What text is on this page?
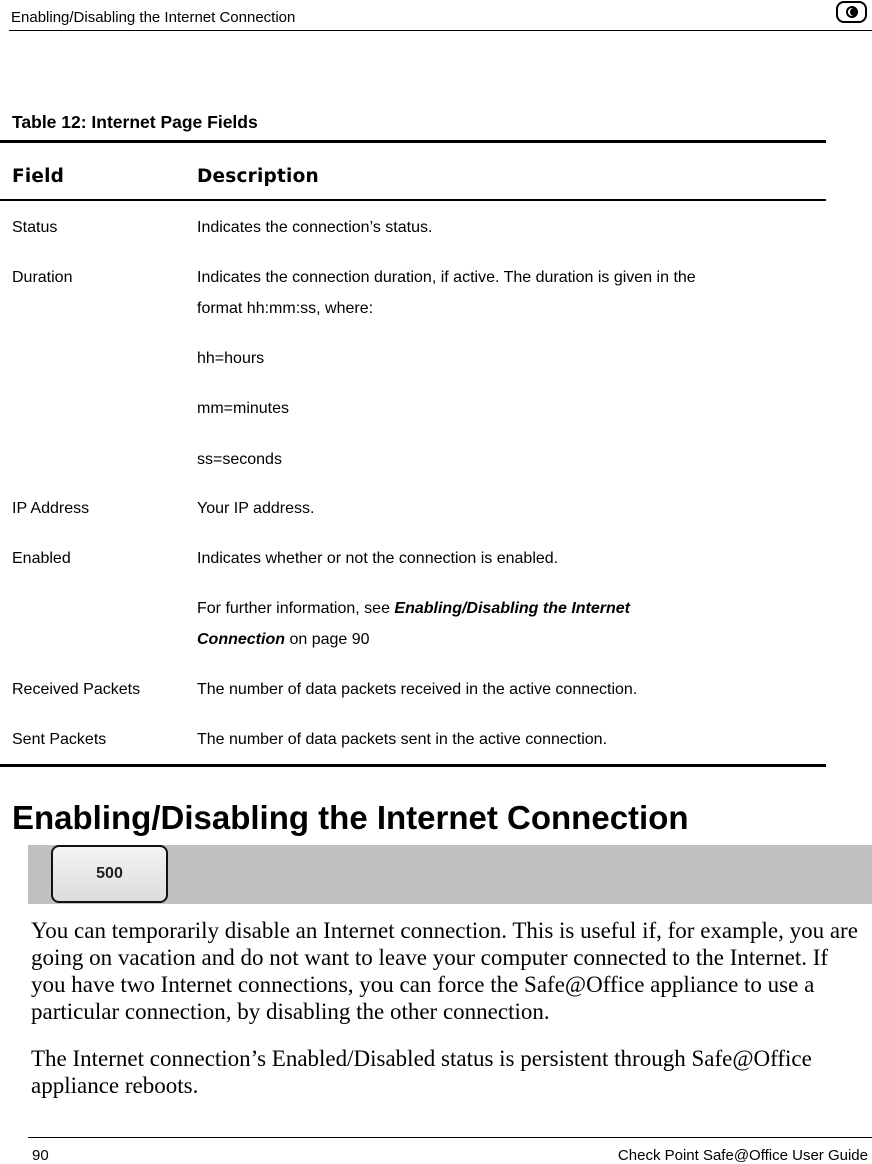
Enabling/Disabling the Internet Connection
Table 12: Internet Page Fields
Field	Description
Status	Indicates the connection’s status.
Duration	Indicates the connection duration, if active. The duration is given in the
format hh:mm:ss, where:
hh=hours
mm=minutes
ss=seconds
IP Address	Your IP address.
Enabled	Indicates whether or not the connection is enabled.
For further information, see Enabling/Disabling the Internet
Connection on page 90
Received Packets	The number of data packets received in the active connection.
Sent Packets	The number of data packets sent in the active connection.
Enabling/Disabling the Internet Connection
500

You can temporarily disable an Internet connection. This is useful if, for example, you are going on vacation and do not want to leave your computer connected to the Internet. If you have two Internet connections, you can force the Safe@Office appliance to use a particular connection, by disabling the other connection.

The Internet connection’s Enabled/Disabled status is persistent through Safe@Office appliance reboots.

90	Check Point Safe@Office User Guide
